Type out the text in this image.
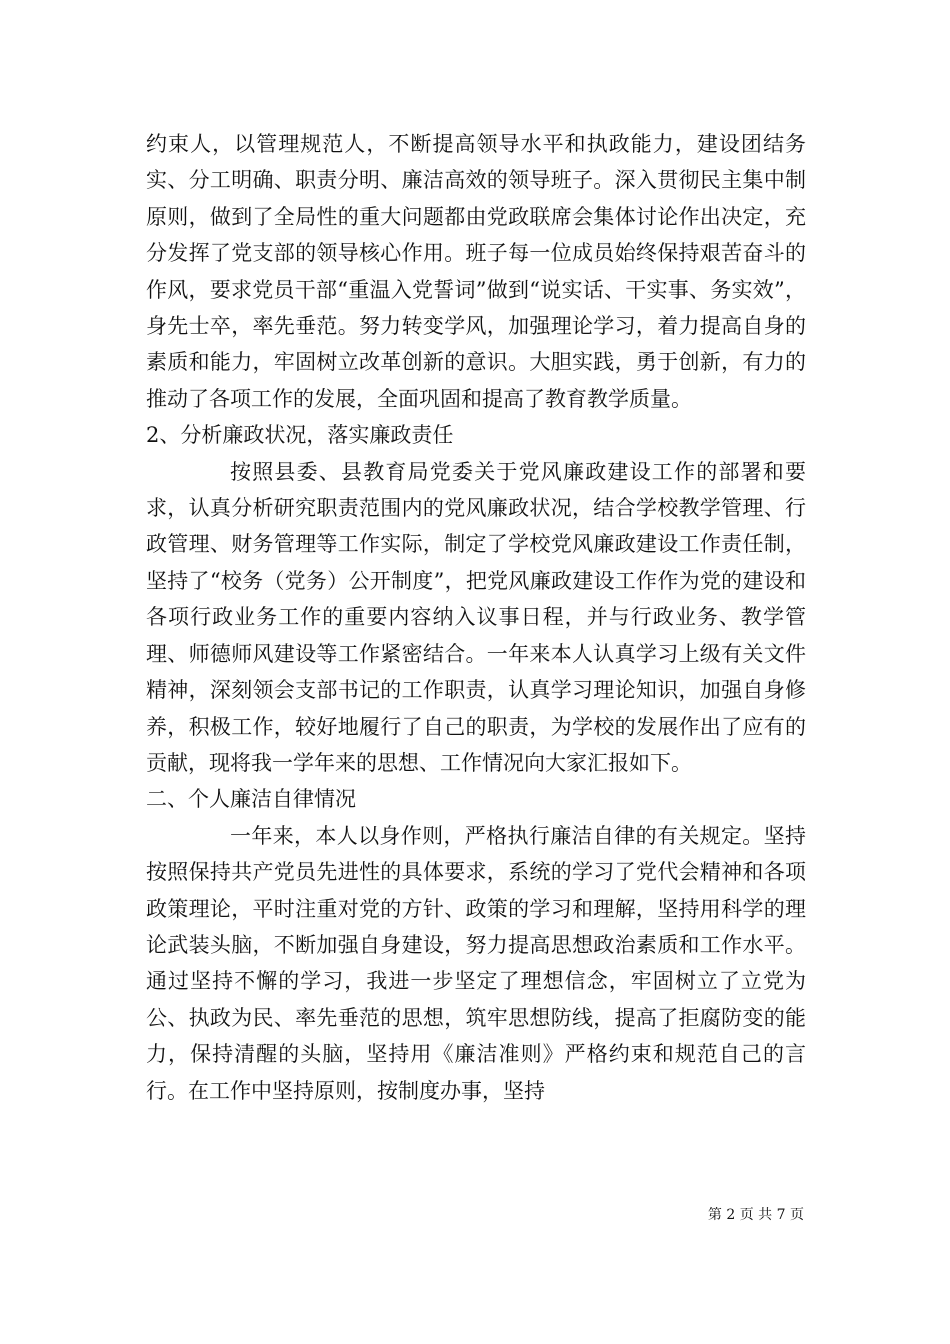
约束人，以管理规范人，不断提高领导水平和执政能力，建设团结务实、分工明确、职责分明、廉洁高效的领导班子。深入贯彻民主集中制原则，做到了全局性的重大问题都由党政联席会集体讨论作出决定，充分发挥了党支部的领导核心作用。班子每一位成员始终保持艰苦奋斗的作风，要求党员干部“重温入党誓词”做到“说实话、干实事、务实效”，身先士卒，率先垂范。努力转变学风，加强理论学习，着力提高自身的素质和能力，牢固树立改革创新的意识。大胆实践，勇于创新，有力的推动了各项工作的发展，全面巩固和提高了教育教学质量。

2、分析廉政状况，落实廉政责任

按照县委、县教育局党委关于党风廉政建设工作的部署和要求，认真分析研究职责范围内的党风廉政状况，结合学校教学管理、行政管理、财务管理等工作实际，制定了学校党风廉政建设工作责任制，坚持了“校务（党务）公开制度”，把党风廉政建设工作作为党的建设和各项行政业务工作的重要内容纳入议事日程，并与行政业务、教学管理、师德师风建设等工作紧密结合。一年来本人认真学习上级有关文件精神，深刻领会支部书记的工作职责，认真学习理论知识，加强自身修养，积极工作，较好地履行了自己的职责，为学校的发展作出了应有的贡献，现将我一学年来的思想、工作情况向大家汇报如下。

二、个人廉洁自律情况

一年来，本人以身作则，严格执行廉洁自律的有关规定。坚持按照保持共产党员先进性的具体要求，系统的学习了党代会精神和各项政策理论，平时注重对党的方针、政策的学习和理解，坚持用科学的理论武装头脑，不断加强自身建设，努力提高思想政治素质和工作水平。通过坚持不懈的学习，我进一步坚定了理想信念，牢固树立了立党为公、执政为民、率先垂范的思想，筑牢思想防线，提高了拒腐防变的能力，保持清醒的头脑，坚持用《廉洁准则》严格约束和规范自己的言行。在工作中坚持原则，按制度办事，坚持

第 2 页 共 7 页
